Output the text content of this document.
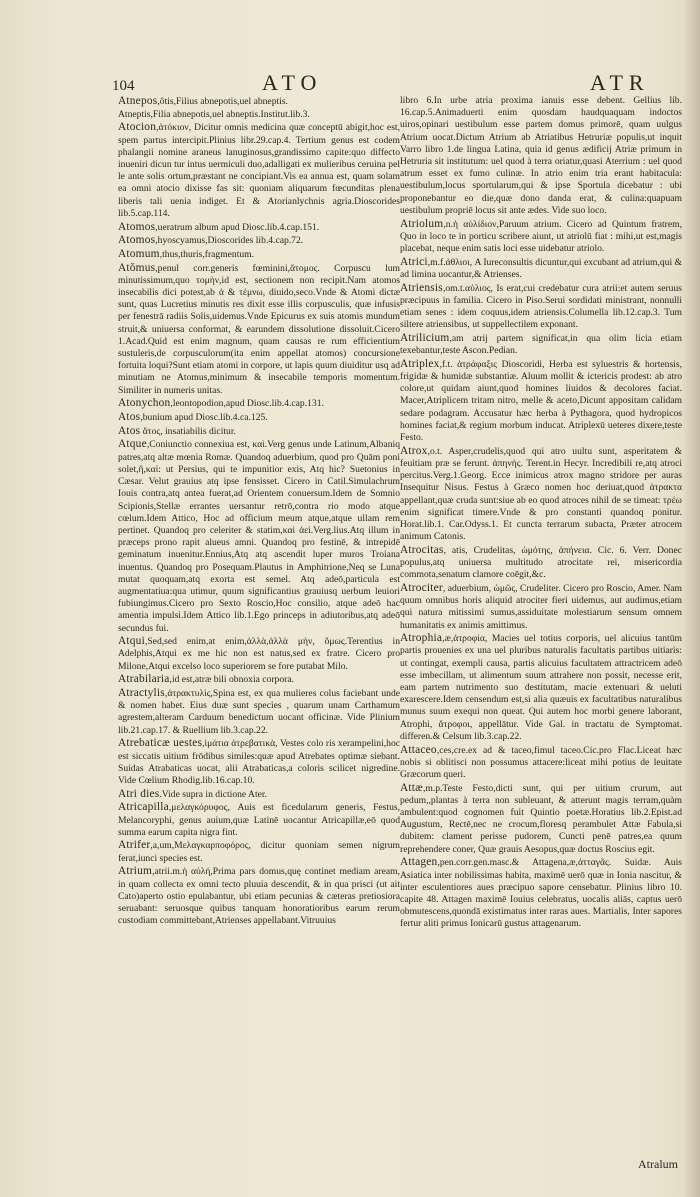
104	ATO	ATR

Atnepos,ôtis,Filius abnepotis,uel abneptis.

Atneptis,Filia abnepotis,uel abneptis.Institut.lib.3.

Atocion,ἀτόκιον, Dicitur omnis medicina quæ conceptū abigit,hoc est, spem partus intercipit.Plinius libr.29.cap.4. Tertium genus est codem phalangii nomine araneus lanuginosus,grandissimo capite:quo diffecto inueniri dicun tur intus uermiculi duo,adalligati ex mulieribus ceruina pel le ante solis ortum,præstant ne concipiant.Vis ea annua est, quam solam ea omni atocio dixisse fas sit: quoniam aliquarum fœcunditas plena liberis tali uenia indiget. Et & Atorianlychnis agria.Dioscorides lib.5.cap.114.

Atomos,ueratrum album apud Diosc.lib.4.cap.151.

Atomos,hyoscyamus,Dioscorides lib.4.cap.72.

Atomum,thus,thuris,fragmentum.

Atŏmus,penul corr.generis fœminini,ἄτομος. Corpuscu lum minutissimum,quo τομὴν,id est, sectionem non recipit.Nam atomos insecabilis dici potest,ab ἀ & τέμνω, diuido,seco.Vnde & Atomi dictæ sunt, quas Lucretius minutis res dixit esse illis corpusculis, quæ infusis per fenestrā radiis Solis,uidemus.Vnde Epicurus ex suis atomis mundum struit,& uniuersa conformat, & earundem dissolutione dissoluit.Cicero 1.Acad.Quid est enim magnum, quam causas re rum efficientium sustuleris,de corpusculorum(ita enim appellat atomos) concursione fortuita loqui?Sunt etiam atomi in corpore, ut lapis quum diuiditur usq ad minutiam ne Atomus,minimum & insecabile temporis momentum. Similiter in numeris unitas.

Atonychon,leontopodion,apud Diosc.lib.4.cap.131.

Atos,bunium apud Diosc.lib.4.ca.125.

Atos ἄτος, insatiabilis dicitur.

Atque,Coniunctio connexiua est, καὶ.Verg genus unde Latinum,Albaniq patres,atq altæ mœnia Romæ. Quandoq aduerbium, quod pro Quām poni solet,ἢ,καὶ: ut Persius, qui te impunitior exis, Atq hic? Suetonius in Cæsar. Velut grauius atq ipse fensisset. Cicero in Catil.Simulachrum Iouis contra,atq antea fuerat,ad Orientem conuersum.Idem de Somnio Scipionis,Stellæ errantes uersantur retrō,contra rio modo atque cœlum.Idem Attico, Hoc ad officium meum atque,atque ullam rem pertinet. Quandoq pro celeriter & statim,καὶ ἀεὶ.Verg.lius.Atq illum in præceps prono rapit alueus amni. Quandoq pro festinē, & intrepidē geminatum inuenitur.Ennius,Atq atq ascendit luper muros Troiana inuentus. Quandoq pro Posequam.Plautus in Amphitrione,Neq se Luna mutat quoquam,atq exorta est semel. Atq adeō,particula est augmentatiua:qua utimur, quum significantius grauiusq uerbum leuiori fubiungimus.Cicero pro Sexto Roscio,Hoc consilio, atque adeō hac amentia impulsi.Idem Attico lib.1.Ego princeps in adiutoribus,atq adeō secundus fui.

Atqui,Sed,sed enim,at enim,ἀλλὰ,ἀλλὰ μὴν, ὅμως.Terentius in Adelphis,Atqui ex me hic non est natus,sed ex fratre. Cicero pro Milone,Atqui excelso loco superiorem se fore putabat Milo.

Atrabilaria,id est,atræ bili obnoxia corpora.

Atractylis,ἀτρακτυλὶς,Spina est, ex qua mulieres colus faciebant unde & nomen habet. Eius duæ sunt species , quarum unam Carthamum agrestem,alteram Carduum benedictum uocant officinæ. Vide Plinium lib.21.cap.17. & Ruellium lib.3.cap.22.

Atrebaticæ uestes,ἱμάτια ἀτρεβατικὰ, Vestes colo ris xerampelini,hoc est siccatis uitium frōdibus similes:quæ apud Atrebates optimæ siebant. Suidas Atrabaticas uocat, alii Atrabaticas,a coloris scilicet nigredine. Vide Cœlium Rhodig.lib.16.cap.10.

Atri dies.Vide supra in dictione Ater.

Atricapilla,μελαγκόρυφος, Auis est ficedularum generis, Festus, Melancoryphi, genus auium,quæ Latinē uocantur Atricapillæ,eō quod summa earum capita nigra fint.

Atrifer,a,um,Μελαγκαρποφόρος, dicitur quoniam semen nigrum ferat,iunci species est.

Atrium,atrii.m.ἡ αὐλή,Prima pars domus,quę continet mediam aream, in quam collecta ex omni tecto pluuia descendit, & in qua prisci (ut ait Cato)aperto ostio epulabantur, ubi etiam pecunias & cæteras pretiosiora seruabant: seruosque quibus tanquam honoratioribus earum rerum custodiam committebant,Atrienses appellabant.Vitruuius

libro 6.In urbe atria proxima ianuis esse debent. Gellius lib. 16.cap.5.Animaduerti enim quosdam haudquaquam indoctos uiros,opinari uestibulum esse partem domus primorē, quam uulgus Atrium uocat.Dictum Atrium ab Atriatibus Hetruriæ populis,ut inquit Varro libro 1.de lingua Latina, quia id genus ædificij Atriæ primum in Hetruria sit institutum: uel quod à terra oriatur,quasi Aterrium : uel quod atrum esset ex fumo culinæ. In atrio enim tria erant habitacula: uestibulum,locus sportularum,qui & ipse Sportula dicebatur : ubi proponebantur eo die,quæ dono danda erat, & culina:quapuam uestibulum propriē locus sit ante ædes. Vide suo loco.

Atriolum,n.ἡ αὐλίδιον,Paruum atrium. Cicero ad Quintum fratrem, Quo in loco te in porticu scribere aiunt, ut atriolū fiat : mihi,ut est,magis placebat, neque enim satis loci esse uidebatur atriolo.

Atrici,m.f.ἀθλιοι, A Iureconsultis dicuntur,qui excubant ad atrium,qui & ad limina uocantur,& Atrienses.

Atriensis,om.t.αὐλιος, Is erat,cui credebatur cura atrii:et autem seruus præcipuus in familia. Cicero in Piso.Serui sordidati ministrant, nonnulli etiam senes : idem coquus,idem atriensis.Columella lib.12.cap.3. Tum siltere atriensibus, ut suppellectilem exponant.

Atrilicium,am atrij partem significat,in qua olim licia etiam texebantur,teste Ascon.Pedian.

Atriplex,f.t. ἀτράφαξις Dioscoridi, Herba est syluestris & hortensis, frigidæ & humidæ substantiæ. Aluum mollit & ictericis prodest: ab atro colore,ut quidam aiunt,quod homines liuidos & decolores faciat. Macer,Atriplicem tritam nitro, melle & aceto,Dicunt appositam calidam sedare podagram. Accusatur hæc herba à Pythagora, quod hydropicos homines faciat,& regium morbum inducat. Atriplexū ueteres dixere,teste Festo.

Atrox,o.t. Asper,crudelis,quod qui atro uultu sunt, asperitatem & feuitiam præ se ferunt. ἀπηνὴς. Terent.in Hecyr. Incredibili re,atq atroci percitus.Verg.1.Georg. Ecce inimicus atrox magno stridore per auras Insequitur Nisus. Festus à Græco nomen hoc deriuat,quod ἀτρακτα appellant,quæ cruda sunt:siue ab eo quod atroces nihil de se timeat: τρέω enim significat timere.Vnde & pro constanti quandoq ponitur. Horat.lib.1. Car.Odyss.1. Et cuncta terrarum subacta, Præter atrocem animum Catonis.

Atrocitas, atis, Crudelitas, ὠμότης, ἀπήνεια. Cic. 6. Verr. Donec populus,atq uniuersa multitudo atrocitate rei, misericordia commota,senatum clamore coēgit,&c.

Atrociter, aduerbium, ὠμῶς, Crudeliter. Cicero pro Roscio, Amer. Nam quum omnibus horis aliquid atrociter fieri uidemus, aut audimus,etiam qui natura mitissimi sumus,assiduitate molestiarum sensum omnem humanitatis ex animis amittimus.

Atrophia,æ,ἀτροφία, Macies uel totius corporis, uel alicuius tantūm partis prouenies ex una uel pluribus naturalis facultatis partibus uitiaris: ut contingat, exempli causa, partis alicuius facultatem attractricem adeō esse imbecillam, ut alimentum suum attrahere non possit, necesse erit, eam partem nutrimento suo destitutam, macie extenuari & ueluti exarescere.Idem censendum est,si alia quæuis ex facultatibus naturalibus munus suum exequi non queat. Qui autem hoc morbi genere laborant, Atrophi, ἄτροφοι, appellātur. Vide Gal. in tractatu de Symptomat. differen.& Celsum lib.3.cap.22.

Attaceo,ces,cre.ex ad & taceo,fimul taceo.Cic.pro Flac.Liceat hæc nobis si oblitisci non possumus attacere:liceat mihi potius de leuitate Græcorum queri.

Attæ,m.p.Teste Festo,dicti sunt, qui per uitium crurum, aut pedum,,plantas à terra non subleuant, & atterunt magis terram,quàm ambulent:quod cognomen fuit Quintio poetæ.Horatius lib.2.Epist.ad Augustum, Rectē,nec ne crocum,floresq perambulet Attæ Fabula,si dubitem: clament perisse pudorem, Cuncti penē patres,ea quum reprehendere coner, Quæ grauis Aesopus,quæ doctus Roscius egit.

Attagen,pen.corr.gen.masc.& Attagena,æ,ἀτταγᾶς. Suidæ. Auis Asiatica inter nobilissimas habita, maximē uerō quæ in Ionia nascitur, & inter esculentiores aues præcipuo sapore censebatur. Plinius libro 10. capite 48. Attagen maximē Iouius celebratus, uocalis aliās, captus uerō obmutescens,quondā existimatus inter raras aues. Martialis, Inter sapores fertur aliti primus Ionicarū gustus attagenarum.

Atralum
